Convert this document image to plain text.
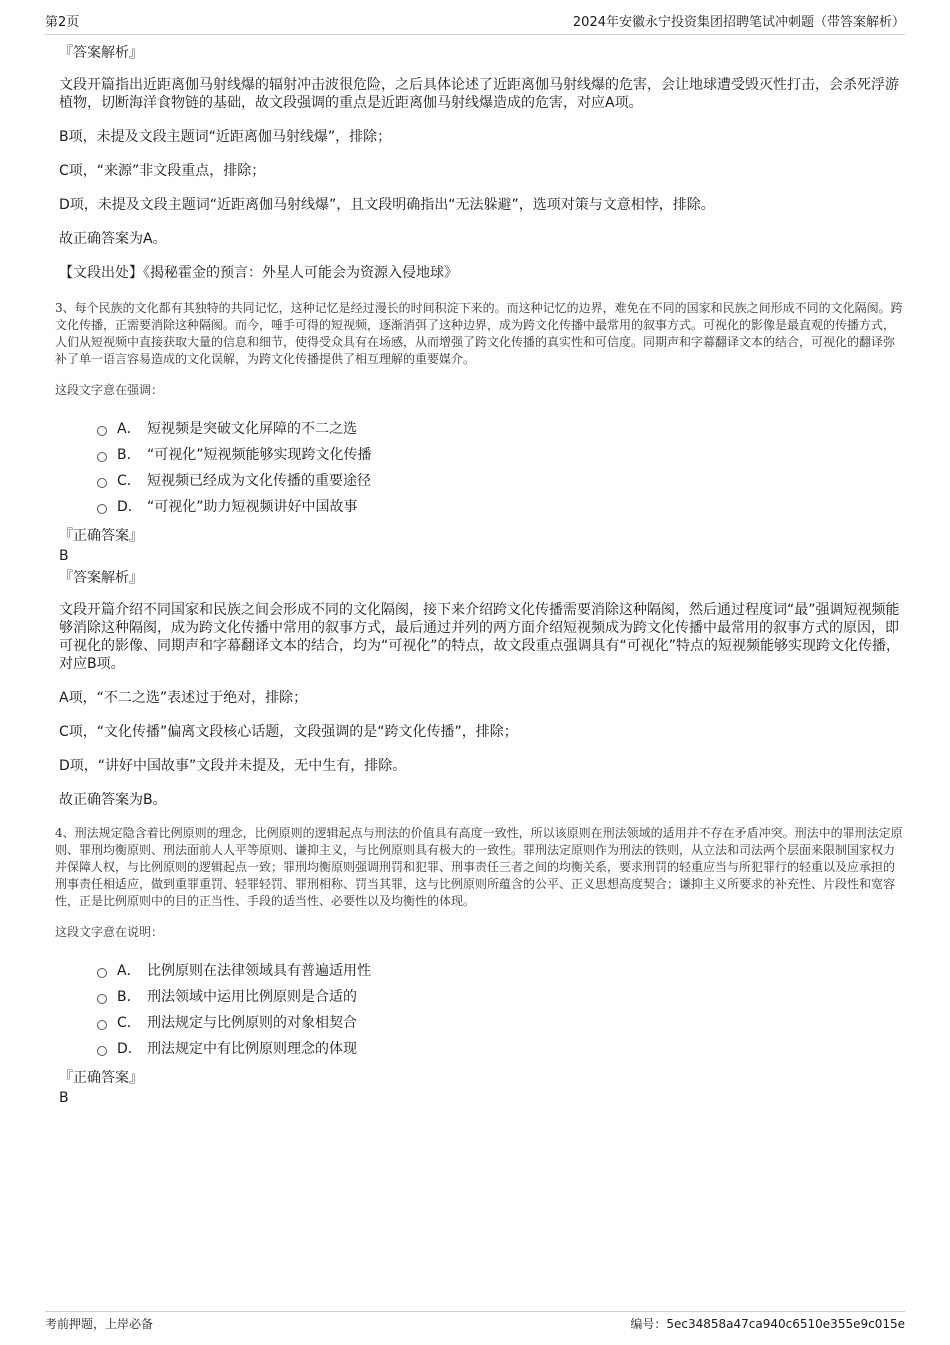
第2页	2024年安徽永宁投资集团招聘笔试冲刺题（带答案解析）
『答案解析』
文段开篇指出近距离伽马射线爆的辐射冲击波很危险，之后具体论述了近距离伽马射线爆的危害，会让地球遭受毁灭性打击，会杀死浮游植物，切断海洋食物链的基础，故文段强调的重点是近距离伽马射线爆造成的危害，对应A项。
B项，未提及文段主题词“近距离伽马射线爆”，排除；
C项，“来源”非文段重点，排除；
D项，未提及文段主题词“近距离伽马射线爆”，且文段明确指出“无法躲避”，选项对策与文意相悖，排除。
故正确答案为A。
【文段出处】《揭秘霍金的预言：外星人可能会为资源入侵地球》
3、每个民族的文化都有其独特的共同记忆，这种记忆是经过漫长的时间积淀下来的。而这种记忆的边界，难免在不同的国家和民族之间形成不同的文化隔阂。跨文化传播，正需要消除这种隔阂。而今，唾手可得的短视频，逐渐消弭了这种边界，成为跨文化传播中最常用的叙事方式。可视化的影像是最直观的传播方式，人们从短视频中直接获取大量的信息和细节，使得受众具有在场感，从而增强了跨文化传播的真实性和可信度。同期声和字幕翻译文本的结合，可视化的翻译弥补了单一语言容易造成的文化误解，为跨文化传播提供了相互理解的重要媒介。
这段文字意在强调：
A． 短视频是突破文化屏障的不二之选
B． “可视化”短视频能够实现跨文化传播
C． 短视频已经成为文化传播的重要途径
D． “可视化”助力短视频讲好中国故事
『正确答案』
B
『答案解析』
文段开篇介绍不同国家和民族之间会形成不同的文化隔阂，接下来介绍跨文化传播需要消除这种隔阂，然后通过程度词“最”强调短视频能够消除这种隔阂，成为跨文化传播中常用的叙事方式，最后通过并列的两方面介绍短视频成为跨文化传播中最常用的叙事方式的原因，即可视化的影像、同期声和字幕翻译文本的结合，均为“可视化”的特点，故文段重点强调具有“可视化”特点的短视频能够实现跨文化传播，对应B项。
A项，“不二之选”表述过于绝对，排除；
C项，“文化传播”偏离文段核心话题，文段强调的是“跨文化传播”，排除；
D项，“讲好中国故事”文段并未提及，无中生有，排除。
故正确答案为B。
4、刑法规定隐含着比例原则的理念，比例原则的逻辑起点与刑法的价值具有高度一致性，所以该原则在刑法领域的适用并不存在矛盾冲突。刑法中的罪刑法定原则、罪刑均衡原则、刑法面前人人平等原则、谦抑主义，与比例原则具有极大的一致性。罪刑法定原则作为刑法的铁则，从立法和司法两个层面来限制国家权力并保障人权，与比例原则的逻辑起点一致；罪刑均衡原则强调刑罚和犯罪、刑事责任三者之间的均衡关系，要求刑罚的轻重应当与所犯罪行的轻重以及应承担的刑事责任相适应，做到重罪重罚、轻罪轻罚、罪刑相称、罚当其罪，这与比例原则所蕴含的公平、正义思想高度契合；谦抑主义所要求的补充性、片段性和宽容性，正是比例原则中的目的正当性、手段的适当性、必要性以及均衡性的体现。
这段文字意在说明：
A． 比例原则在法律领域具有普遍适用性
B． 刑法领域中运用比例原则是合适的
C． 刑法规定与比例原则的对象相契合
D． 刑法规定中有比例原则理念的体现
『正确答案』
B
考前押题，上岸必备	编号：5ec34858a47ca940c6510e355e9c015e
